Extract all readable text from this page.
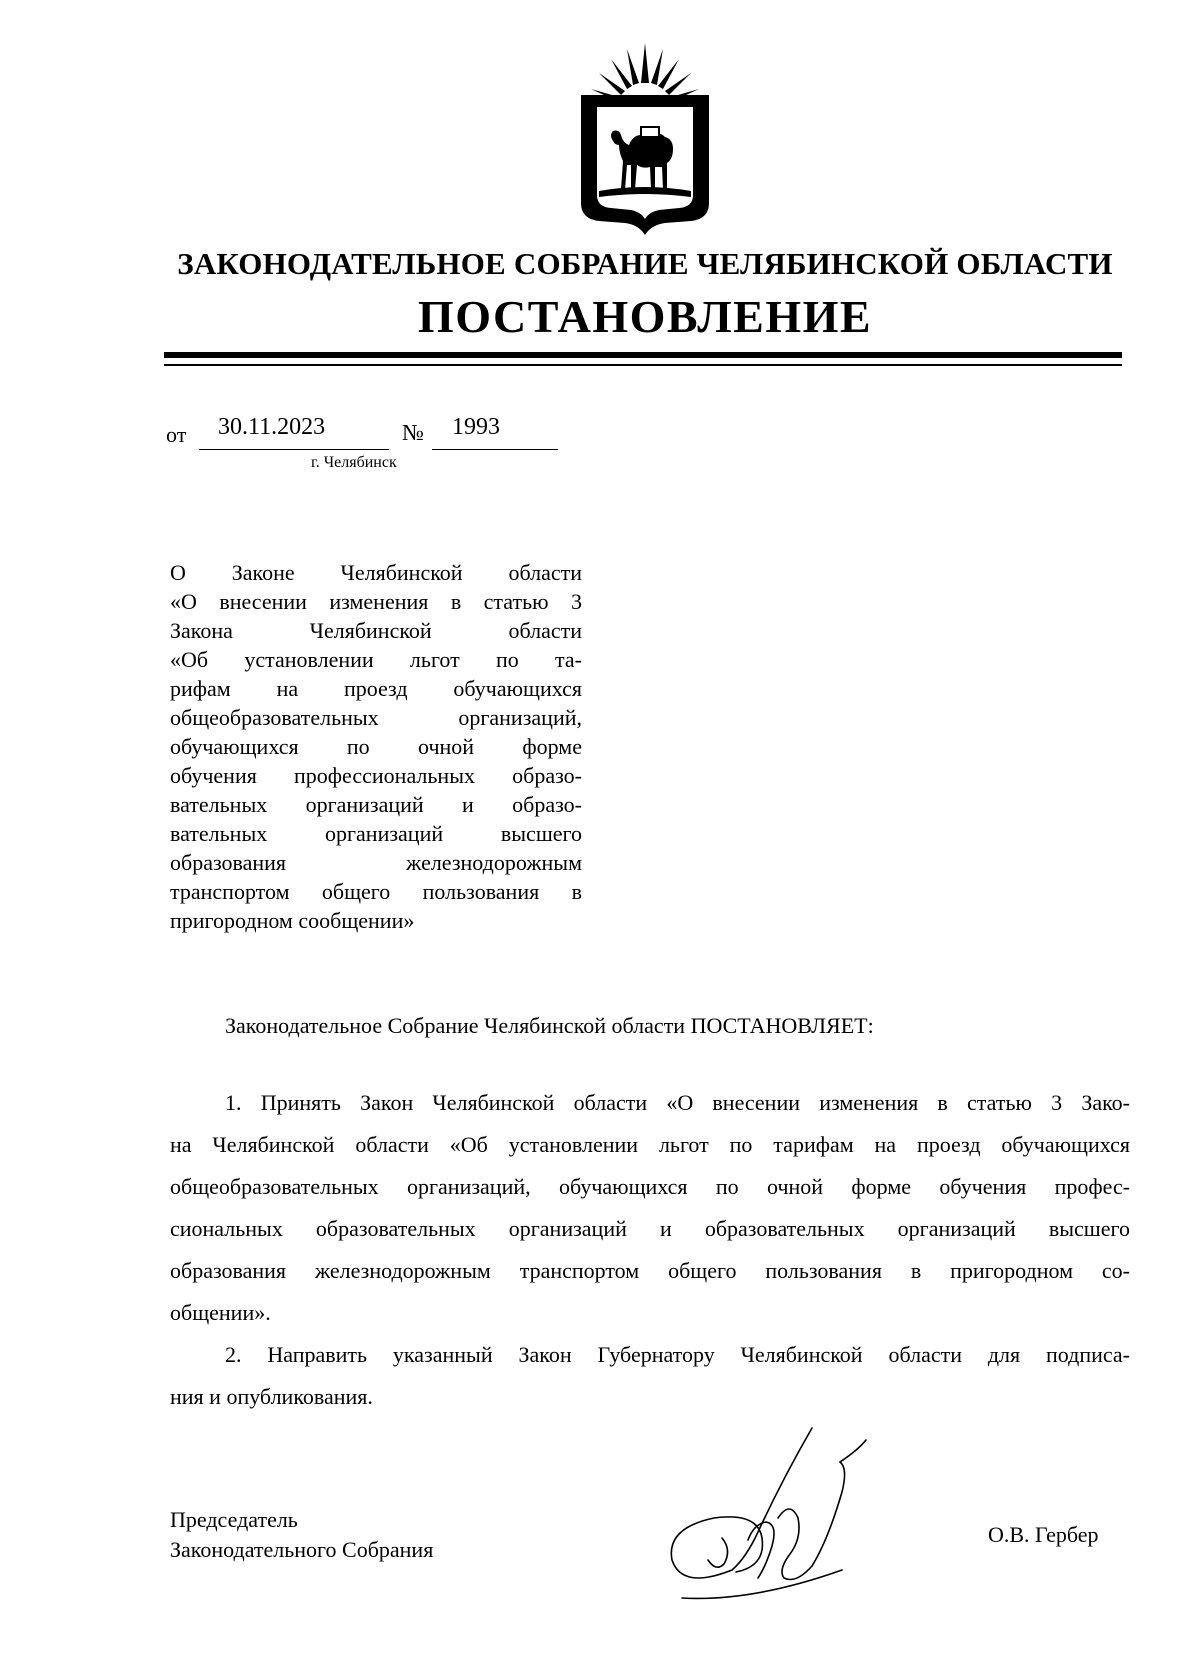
ЗАКОНОДАТЕЛЬНОЕ СОБРАНИЕ ЧЕЛЯБИНСКОЙ ОБЛАСТИ
ПОСТАНОВЛЕНИЕ
от 30.11.2023	№ 1993
г. Челябинск
О Законе Челябинской области
«О внесении изменения в статью 3
Закона Челябинской области
«Об установлении льгот по та-
рифам на проезд обучающихся
общеобразовательных организаций,
обучающихся по очной форме
обучения профессиональных образо-
вательных организаций и образо-
вательных организаций высшего
образования железнодорожным
транспортом общего пользования в
пригородном сообщении»
Законодательное Собрание Челябинской области ПОСТАНОВЛЯЕТ:

1. Принять Закон Челябинской области «О внесении изменения в статью 3 Зако-
на Челябинской области «Об установлении льгот по тарифам на проезд обучающихся
общеобразовательных организаций, обучающихся по очной форме обучения профес-
сиональных образовательных организаций и образовательных организаций высшего
образования железнодорожным транспортом общего пользования в пригородном со-
общении».

2. Направить указанный Закон Губернатору Челябинской области для подписа-
ния и опубликования.

Председатель
Законодательного Собрания
О.В. Гербер
